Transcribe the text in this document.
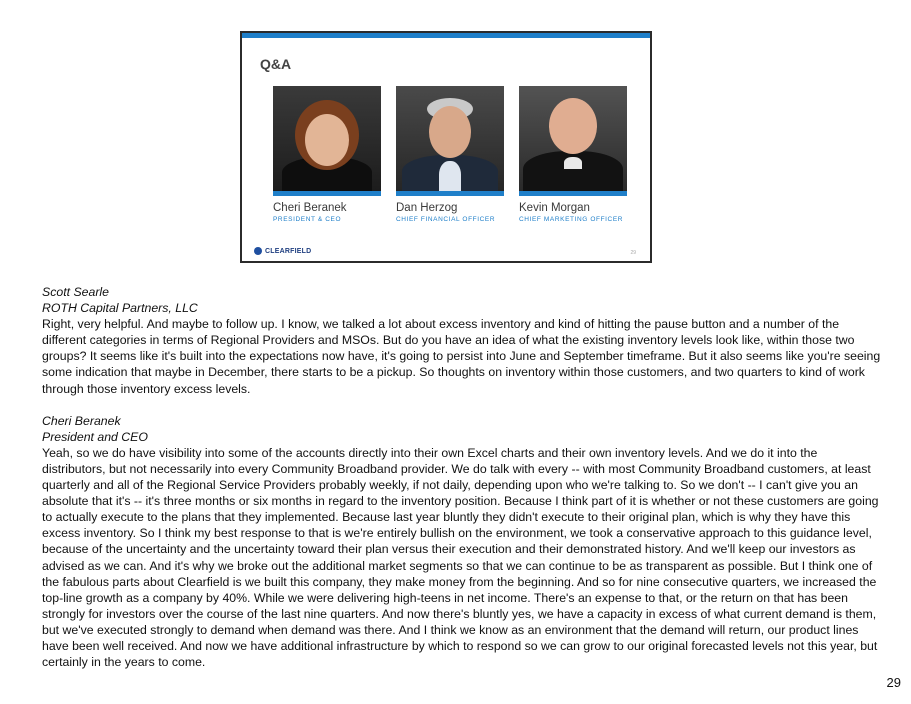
Q&A
Cheri Beranek
PRESIDENT & CEO
Dan Herzog
CHIEF FINANCIAL OFFICER
Kevin Morgan
CHIEF MARKETING OFFICER
CLEARFIELD	29

Scott Searle

ROTH Capital Partners, LLC

Right, very helpful. And maybe to follow up. I know, we talked a lot about excess inventory and kind of hitting the pause button and a number of the different categories in terms of Regional Providers and MSOs. But do you have an idea of what the existing inventory levels look like, within those two groups? It seems like it's built into the expectations now have, it's going to persist into June and September timeframe. But it also seems like you're seeing some indication that maybe in December, there starts to be a pickup. So thoughts on inventory within those customers, and two quarters to kind of work through those inventory excess levels.

Cheri Beranek

President and CEO

Yeah, so we do have visibility into some of the accounts directly into their own Excel charts and their own inventory levels. And we do it into the distributors, but not necessarily into every Community Broadband provider. We do talk with every -- with most Community Broadband customers, at least quarterly and all of the Regional Service Providers probably weekly, if not daily, depending upon who we're talking to. So we don't -- I can't give you an absolute that it's -- it's three months or six months in regard to the inventory position. Because I think part of it is whether or not these customers are going to actually execute to the plans that they implemented. Because last year bluntly they didn't execute to their original plan, which is why they have this excess inventory. So I think my best response to that is we're entirely bullish on the environment, we took a conservative approach to this guidance level, because of the uncertainty and the uncertainty toward their plan versus their execution and their demonstrated history. And we'll keep our investors as advised as we can. And it's why we broke out the additional market segments so that we can continue to be as transparent as possible. But I think one of the fabulous parts about Clearfield is we built this company, they make money from the beginning. And so for nine consecutive quarters, we increased the top-line growth as a company by 40%. While we were delivering high-teens in net income. There's an expense to that, or the return on that has been strongly for investors over the course of the last nine quarters. And now there's bluntly yes, we have a capacity in excess of what current demand is them, but we've executed strongly to demand when demand was there. And I think we know as an environment that the demand will return, our product lines have been well received. And now we have additional infrastructure by which to respond so we can grow to our original forecasted levels not this year, but certainly in the years to come.

29
